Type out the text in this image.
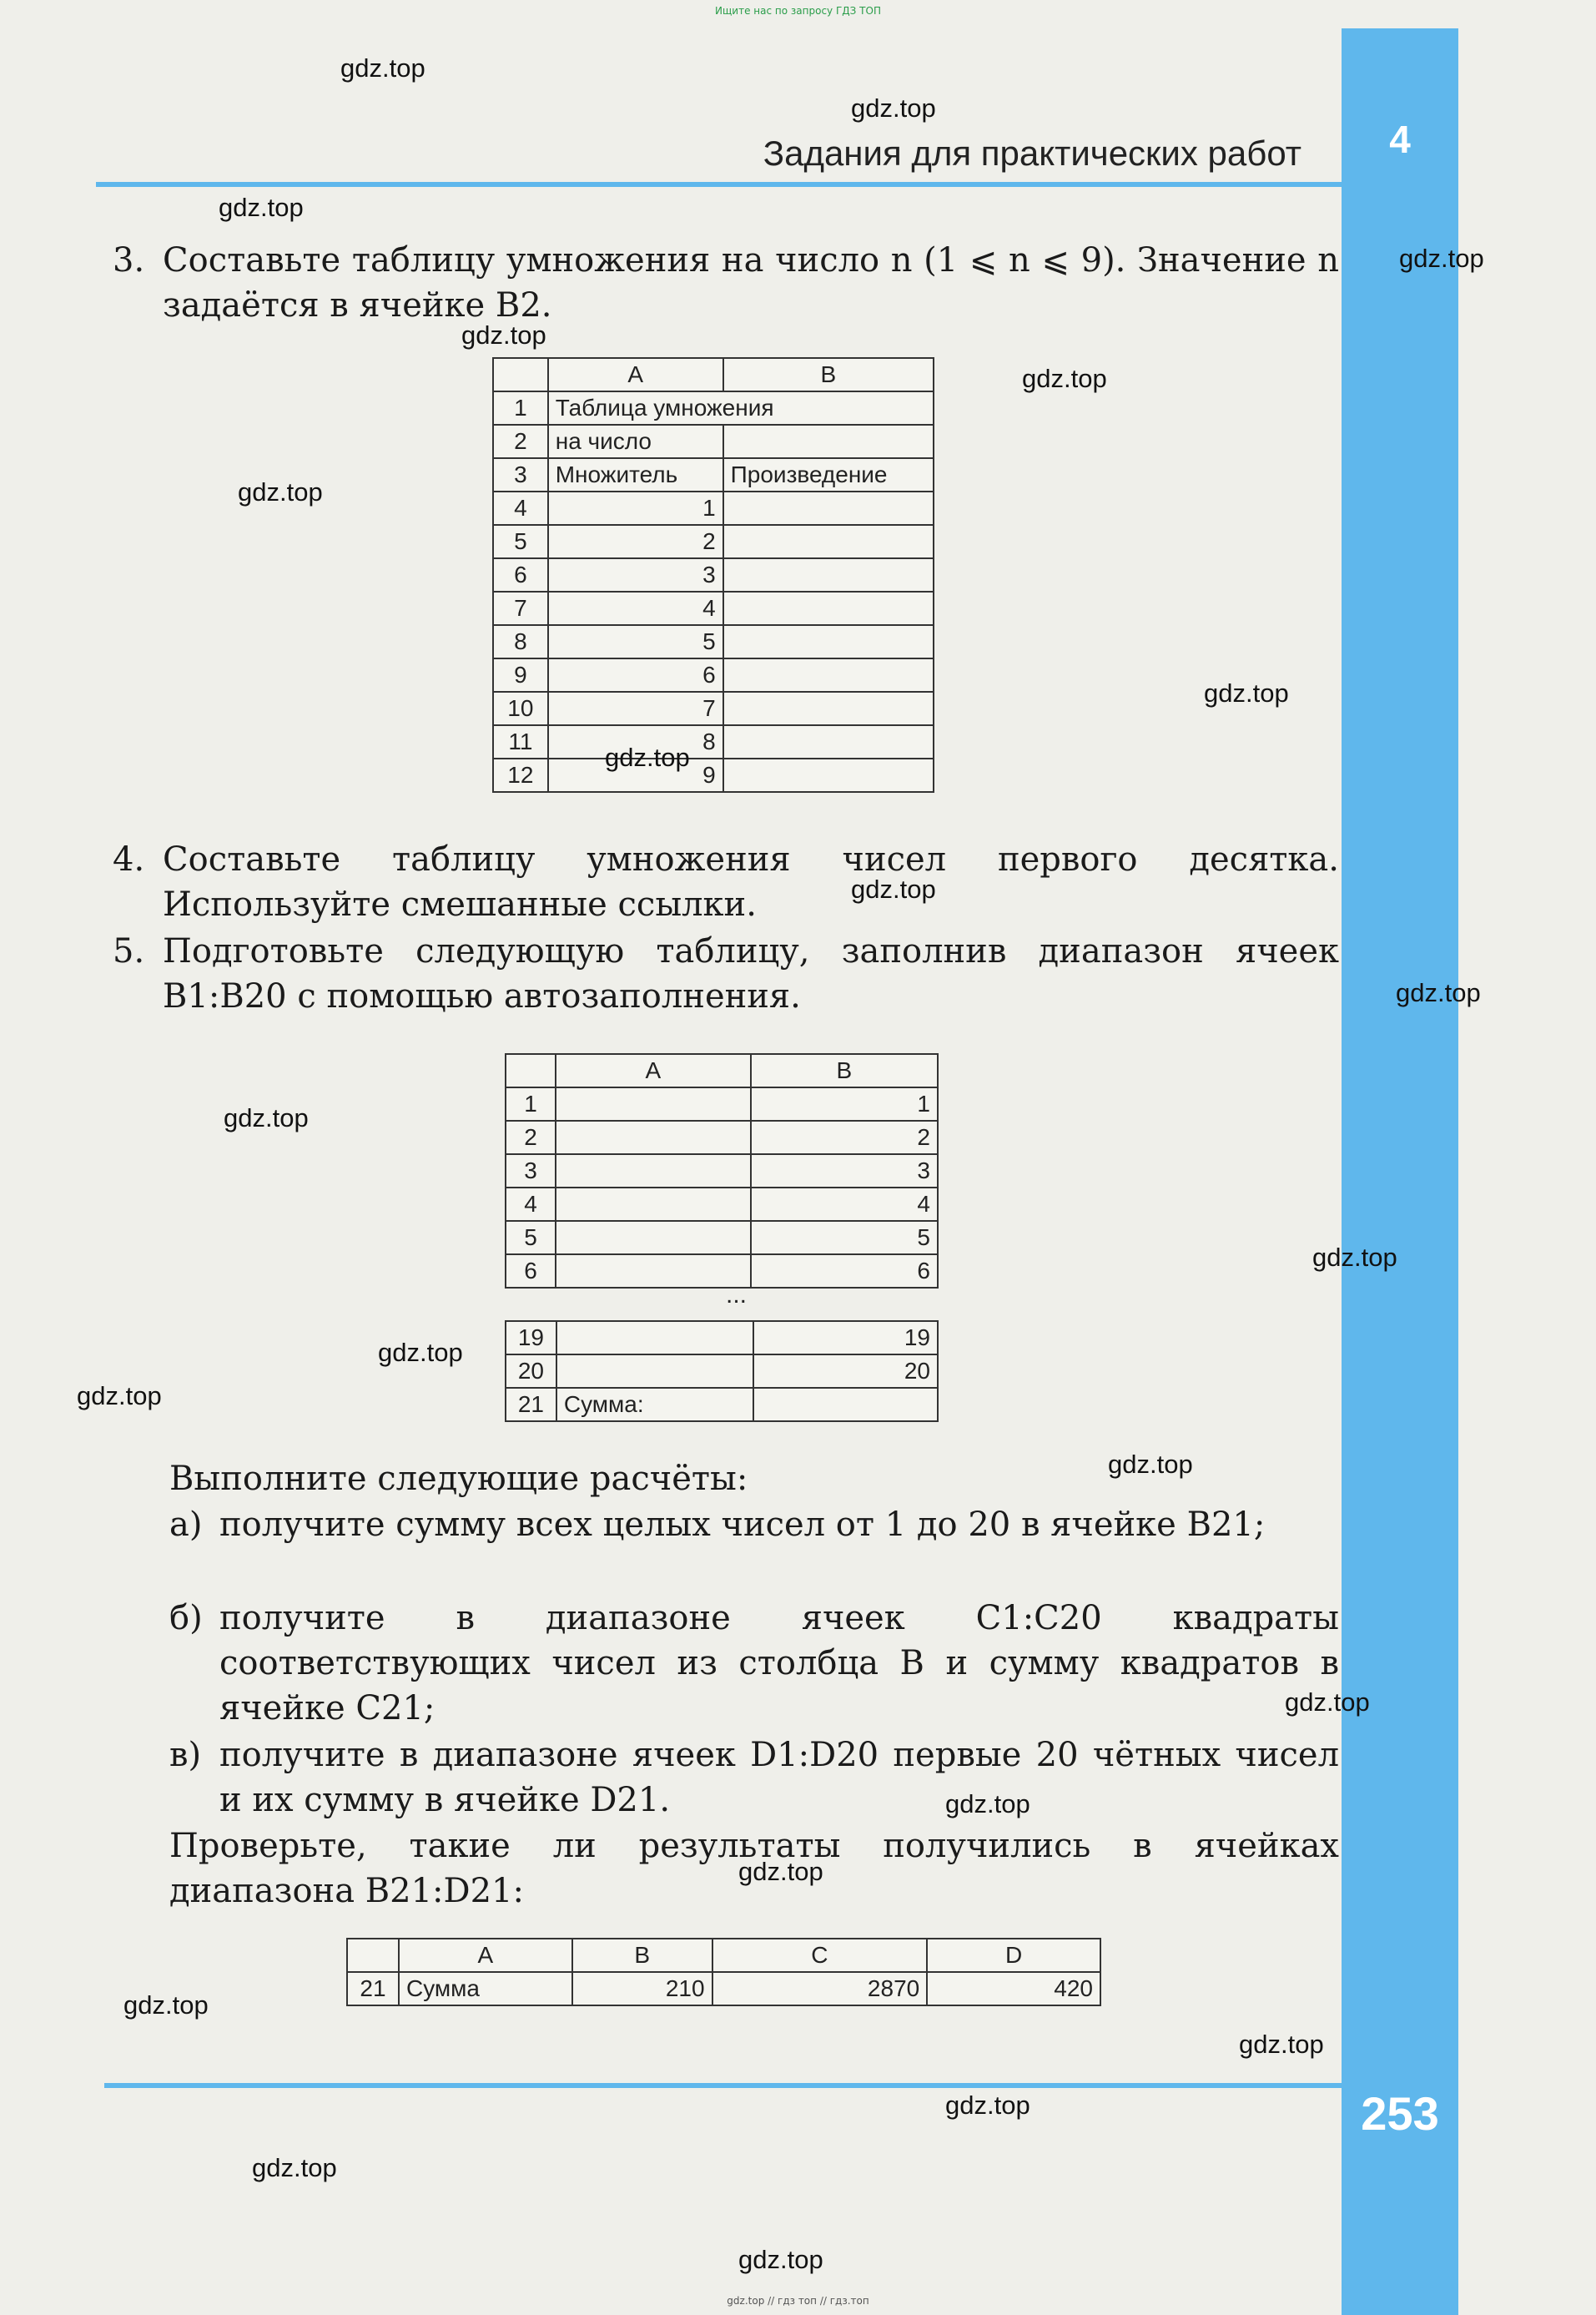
Ищите нас по запросу ГДЗ ТОП
gdz.top // гдз топ // гдз.топ
4
253
Задания для практических работ
3. Составьте таблицу умножения на число n (1 ⩽ n ⩽ 9). Значение n задаётся в ячейке B2.
	A	B
1	Таблица умножения	
2	на число	
3	Множитель	Произведение
4	1	
5	2	
6	3	
7	4	
8	5	
9	6	
10	7	
11	8	
12	9	
4. Составьте таблицу умножения чисел первого десятка. Используйте смешанные ссылки.
5. Подготовьте следующую таблицу, заполнив диапазон ячеек B1:B20 с помощью автозаполнения.
	A	B
1		1
2		2
3		3
4		4
5		5
6		6
...
19		19
20		20
21	Сумма:	
Выполните следующие расчёты:
а) получите сумму всех целых чисел от 1 до 20 в ячейке B21;
б) получите в диапазоне ячеек C1:C20 квадраты соответствующих чисел из столбца B и сумму квадратов в ячейке C21;
в) получите в диапазоне ячеек D1:D20 первые 20 чётных чисел и их сумму в ячейке D21.
Проверьте, такие ли результаты получились в ячейках диапазона B21:D21:
	A	B	C	D
21	Сумма	210	2870	420
gdz.top
gdz.top
gdz.top
gdz.top
gdz.top
gdz.top
gdz.top
gdz.top
gdz.top
gdz.top
gdz.top
gdz.top
gdz.top
gdz.top
gdz.top
gdz.top
gdz.top
gdz.top
gdz.top
gdz.top
gdz.top
gdz.top
gdz.top
gdz.top
